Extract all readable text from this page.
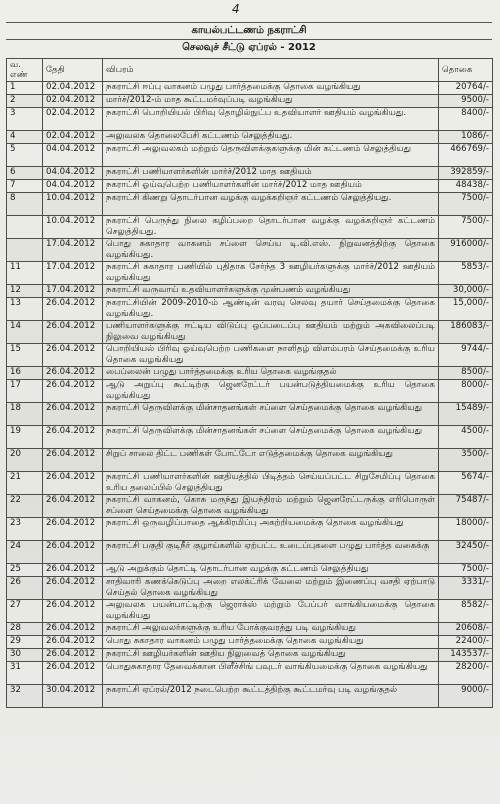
4
காயல்பட்டணம் நகராட்சி
செலவுச் சீட்டு ஏப்ரல் - 2012
வ. எண்	தேதி	விபரம்	தொகை
1	02.04.2012	நகராட்சி ஈப்பு வாகனம் பழுது பார்த்தமைக்கு தொகை வழங்கியது	20764/-
2	02.04.2012	மார்ச்/2012-ம் மாத கூட்டமர்வுப்படி வழங்கியது	9500/-
3	02.04.2012	நகராட்சி பொறியியல் பிரிவு தொழில்நுட்ப உதவியாளர் ஊதியம் வழங்கியது.	8400/-
4	02.04.2012	அலுவலக தொலைபேசி கட்டணம் செலுத்தியது.	1086/-
5	04.04.2012	நகராட்சி அலுவலகம் மற்றும் தெருவிளக்குகளுக்கு மின் கட்டணம் செலுத்தியது	466769/-
6	04.04.2012	நகராட்சி பணியாளர்களின் மார்ச்/2012 மாத ஊதியம்	392859/-
7	04.04.2012	நகராட்சி ஓய்வுபெற்ற பணியாளர்களின் மார்ச்/2012 மாத ஊதியம்	48438/-
8	10.04.2012	நகராட்சி கிணறு தொடர்பான வழக்கு வழக்கறிஞர் கட்டணம் செலுத்தியது.	7500/-
	10.04.2012	நகராட்சி பெருந்து நிலை கழிப்பறை தொடர்பான வழக்கு வழக்கறிஞர் கட்டணம் செலுத்தியது.	7500/-
	17.04.2012	பொது சுகாதார வாகனம் சப்ளை செய்ய டி.வி.எஸ். நிறுவனத்திற்கு தொகை வழங்கியது.	916000/-
11	17.04.2012	நகராட்சி சுகாதார பணியில் புதிதாக சேர்ந்த 3 ஊழியர்களுக்கு மார்ச்/2012 ஊதியம் வழங்கியது	5853/-
12	17.04.2012	நகராட்சி வருவாய் உதவியாளர்களுக்கு முன்பணம் வழங்கியது	30,000/-
13	26.04.2012	நகராட்சியின் 2009-2010-ம் ஆண்டின் வரவு செலவு தயார் செய்தமைக்கு தொகை வழங்கியது.	15,000/-
14	26.04.2012	பணியாளர்களுக்கு ஈட்டிய விடுப்பு ஒப்படைப்பு ஊதியம் மற்றும் அகவிலைப்படி நிலுவை வழங்கியது	186083/-
15	26.04.2012	பொறியியல் பிரிவு ஓய்வுபெற்ற பணிகளை நாளிதழ் விளம்பரம் செய்தமைக்கு உரிய தொகை வழங்கியது	9744/-
16	26.04.2012	பைப்லைன் பழுது பார்த்தமைக்கு உரிய தொகை வழங்குதல்	8500/-
17	26.04.2012	ஆடு அறுப்பு கூட்டிற்கு ஜெனரேட்டர் பயன்படுத்தியமைக்கு உரிய தொகை வழங்கியது	8000/-
18	26.04.2012	நகராட்சி தெருவிளக்கு மின்சாதனங்கள் சப்ளை செய்தமைக்கு தொகை வழங்கியது	15489/-
19	26.04.2012	நகராட்சி தெருவிளக்கு மின்சாதனங்கள் சப்ளை செய்தமைக்கு தொகை வழங்கியது	4500/-
20	26.04.2012	சிறுப் சாலை திட்ட பணிகள் போட்டோ எடுத்தமைக்கு தொகை வழங்கியது	3500/-
21	26.04.2012	நகராட்சி பணியாளர்களின் ஊதியத்தில் பிடித்தம் செய்யப்பட்ட சிறுசேமிப்பு தொகை உரிய தலைப்பில் செலுத்தியது	5674/-
22	26.04.2012	நகராட்சி வாகனம், கொசு மருந்து இயந்திரம் மற்றும் ஜெனரேட்டருக்கு எரிபொருள் சப்ளை செய்தமைக்கு தொகை வழங்கியது	75487/-
23	26.04.2012	நகராட்சி ஒருவழிப்பாதை ஆக்கிரமிப்பு அகற்றியமைக்கு தொகை வழங்கியது	18000/-
24	26.04.2012	நகராட்சி பகுதி குடிநீர் குழாய்களில் ஏற்பட்ட உடைப்புகளை பழுது பார்த்த வகைக்கு	32450/-
25	26.04.2012	ஆடு அறுக்கும் தொட்டி தொடர்பான வழக்கு கட்டணம் செலுத்தியது	7500/-
26	26.04.2012	சாதிவாரி கணக்கெடுப்பு அறை எலக்ட்ரிக் வேலை மற்றும் இணைப்பு வசதி ஏற்பாடு செய்தல் தொகை வழங்கியது	3331/-
27	26.04.2012	அலுவலக பயன்பாட்டிற்கு ஜெராக்ஸ் மற்றும் பேப்பர் வாங்கியமைக்கு தொகை வழங்கியது	8582/-
28	26.04.2012	நகராட்சி அலுவலர்களுக்கு உரிய போக்குவரத்து படி வழங்கியது	20608/-
29	26.04.2012	பொது சுகாதார வாகனம் பழுது பார்த்தமைக்கு தொகை வழங்கியது	22400/-
30	26.04.2012	நகராட்சி ஊழியர்களின் ஊதிய நிலுவைத் தொகை வழங்கியது	143537/-
31	26.04.2012	பொதுசுகாதார தேவைக்கான பிளீச்சிங் பவுடர் வாங்கியமைக்கு தொகை வழங்கியது	28200/-
32	30.04.2012	நகராட்சி ஏப்ரல்/2012 நடைபெற்ற கூட்டத்திற்கு கூட்டமர்வு படி வழங்குதல்	9000/-
